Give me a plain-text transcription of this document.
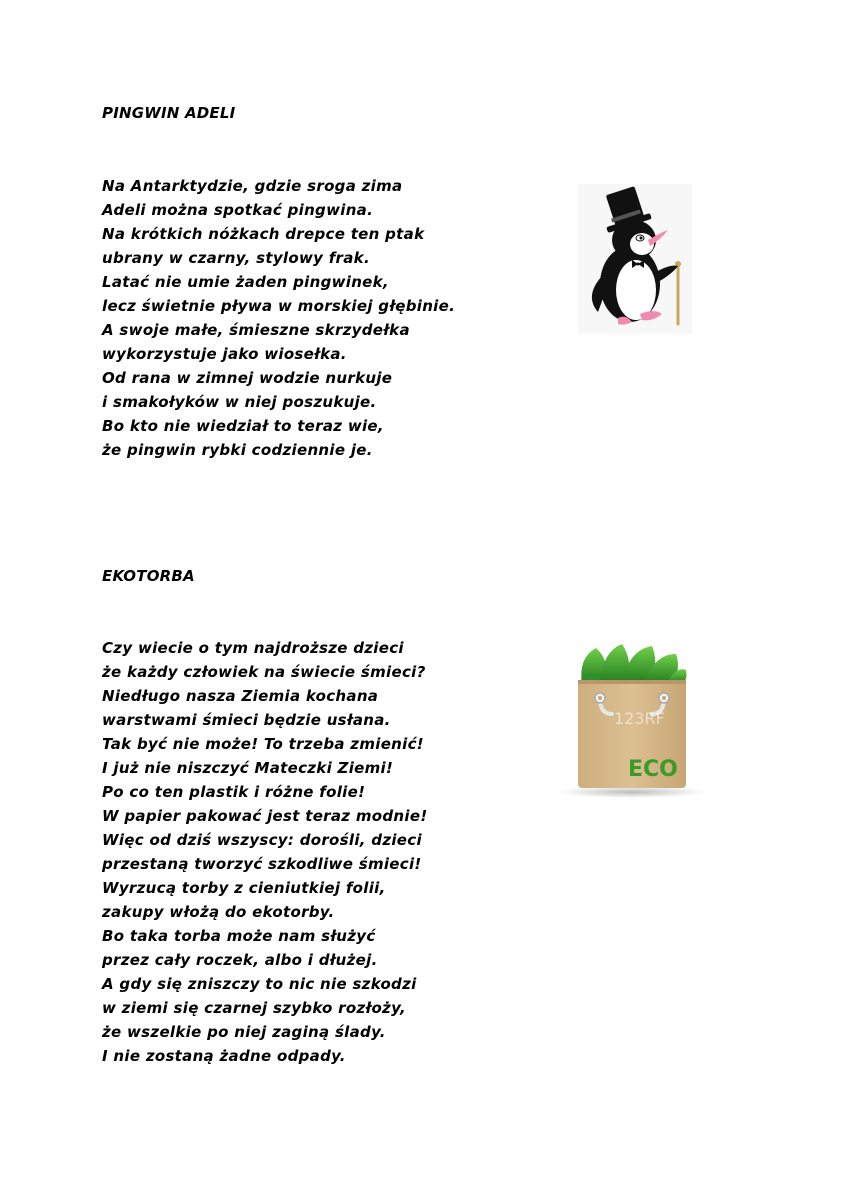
PINGWIN ADELI
Na Antarktydzie, gdzie sroga zima
Adeli można spotkać pingwina.
Na krótkich nóżkach drepce ten ptak
ubrany w czarny, stylowy frak.
Latać nie umie żaden pingwinek,
lecz świetnie pływa w morskiej głębinie.
A swoje małe, śmieszne skrzydełka
wykorzystuje jako wiosełka.
Od rana w zimnej wodzie nurkuje
i smakołyków w niej poszukuje.
Bo kto nie wiedział to teraz wie,
że pingwin rybki codziennie je.
EKOTORBA
Czy wiecie o tym najdroższe dzieci
że każdy człowiek na świecie śmieci?
Niedługo nasza Ziemia kochana
warstwami śmieci będzie usłana.
Tak być nie może! To trzeba zmienić!
I już nie niszczyć Mateczki Ziemi!
Po co ten plastik i różne folie!
W papier pakować jest teraz modnie!
Więc od dziś wszyscy: dorośli, dzieci
przestaną tworzyć szkodliwe śmieci!
Wyrzucą torby z cieniutkiej folii,
zakupy włożą do ekotorby.
Bo taka torba może nam służyć
przez cały roczek, albo i dłużej.
A gdy się zniszczy to nic nie szkodzi
w ziemi się czarnej szybko rozłoży,
że wszelkie po niej zaginą ślady.
I nie zostaną żadne odpady.
123RF
ECO
